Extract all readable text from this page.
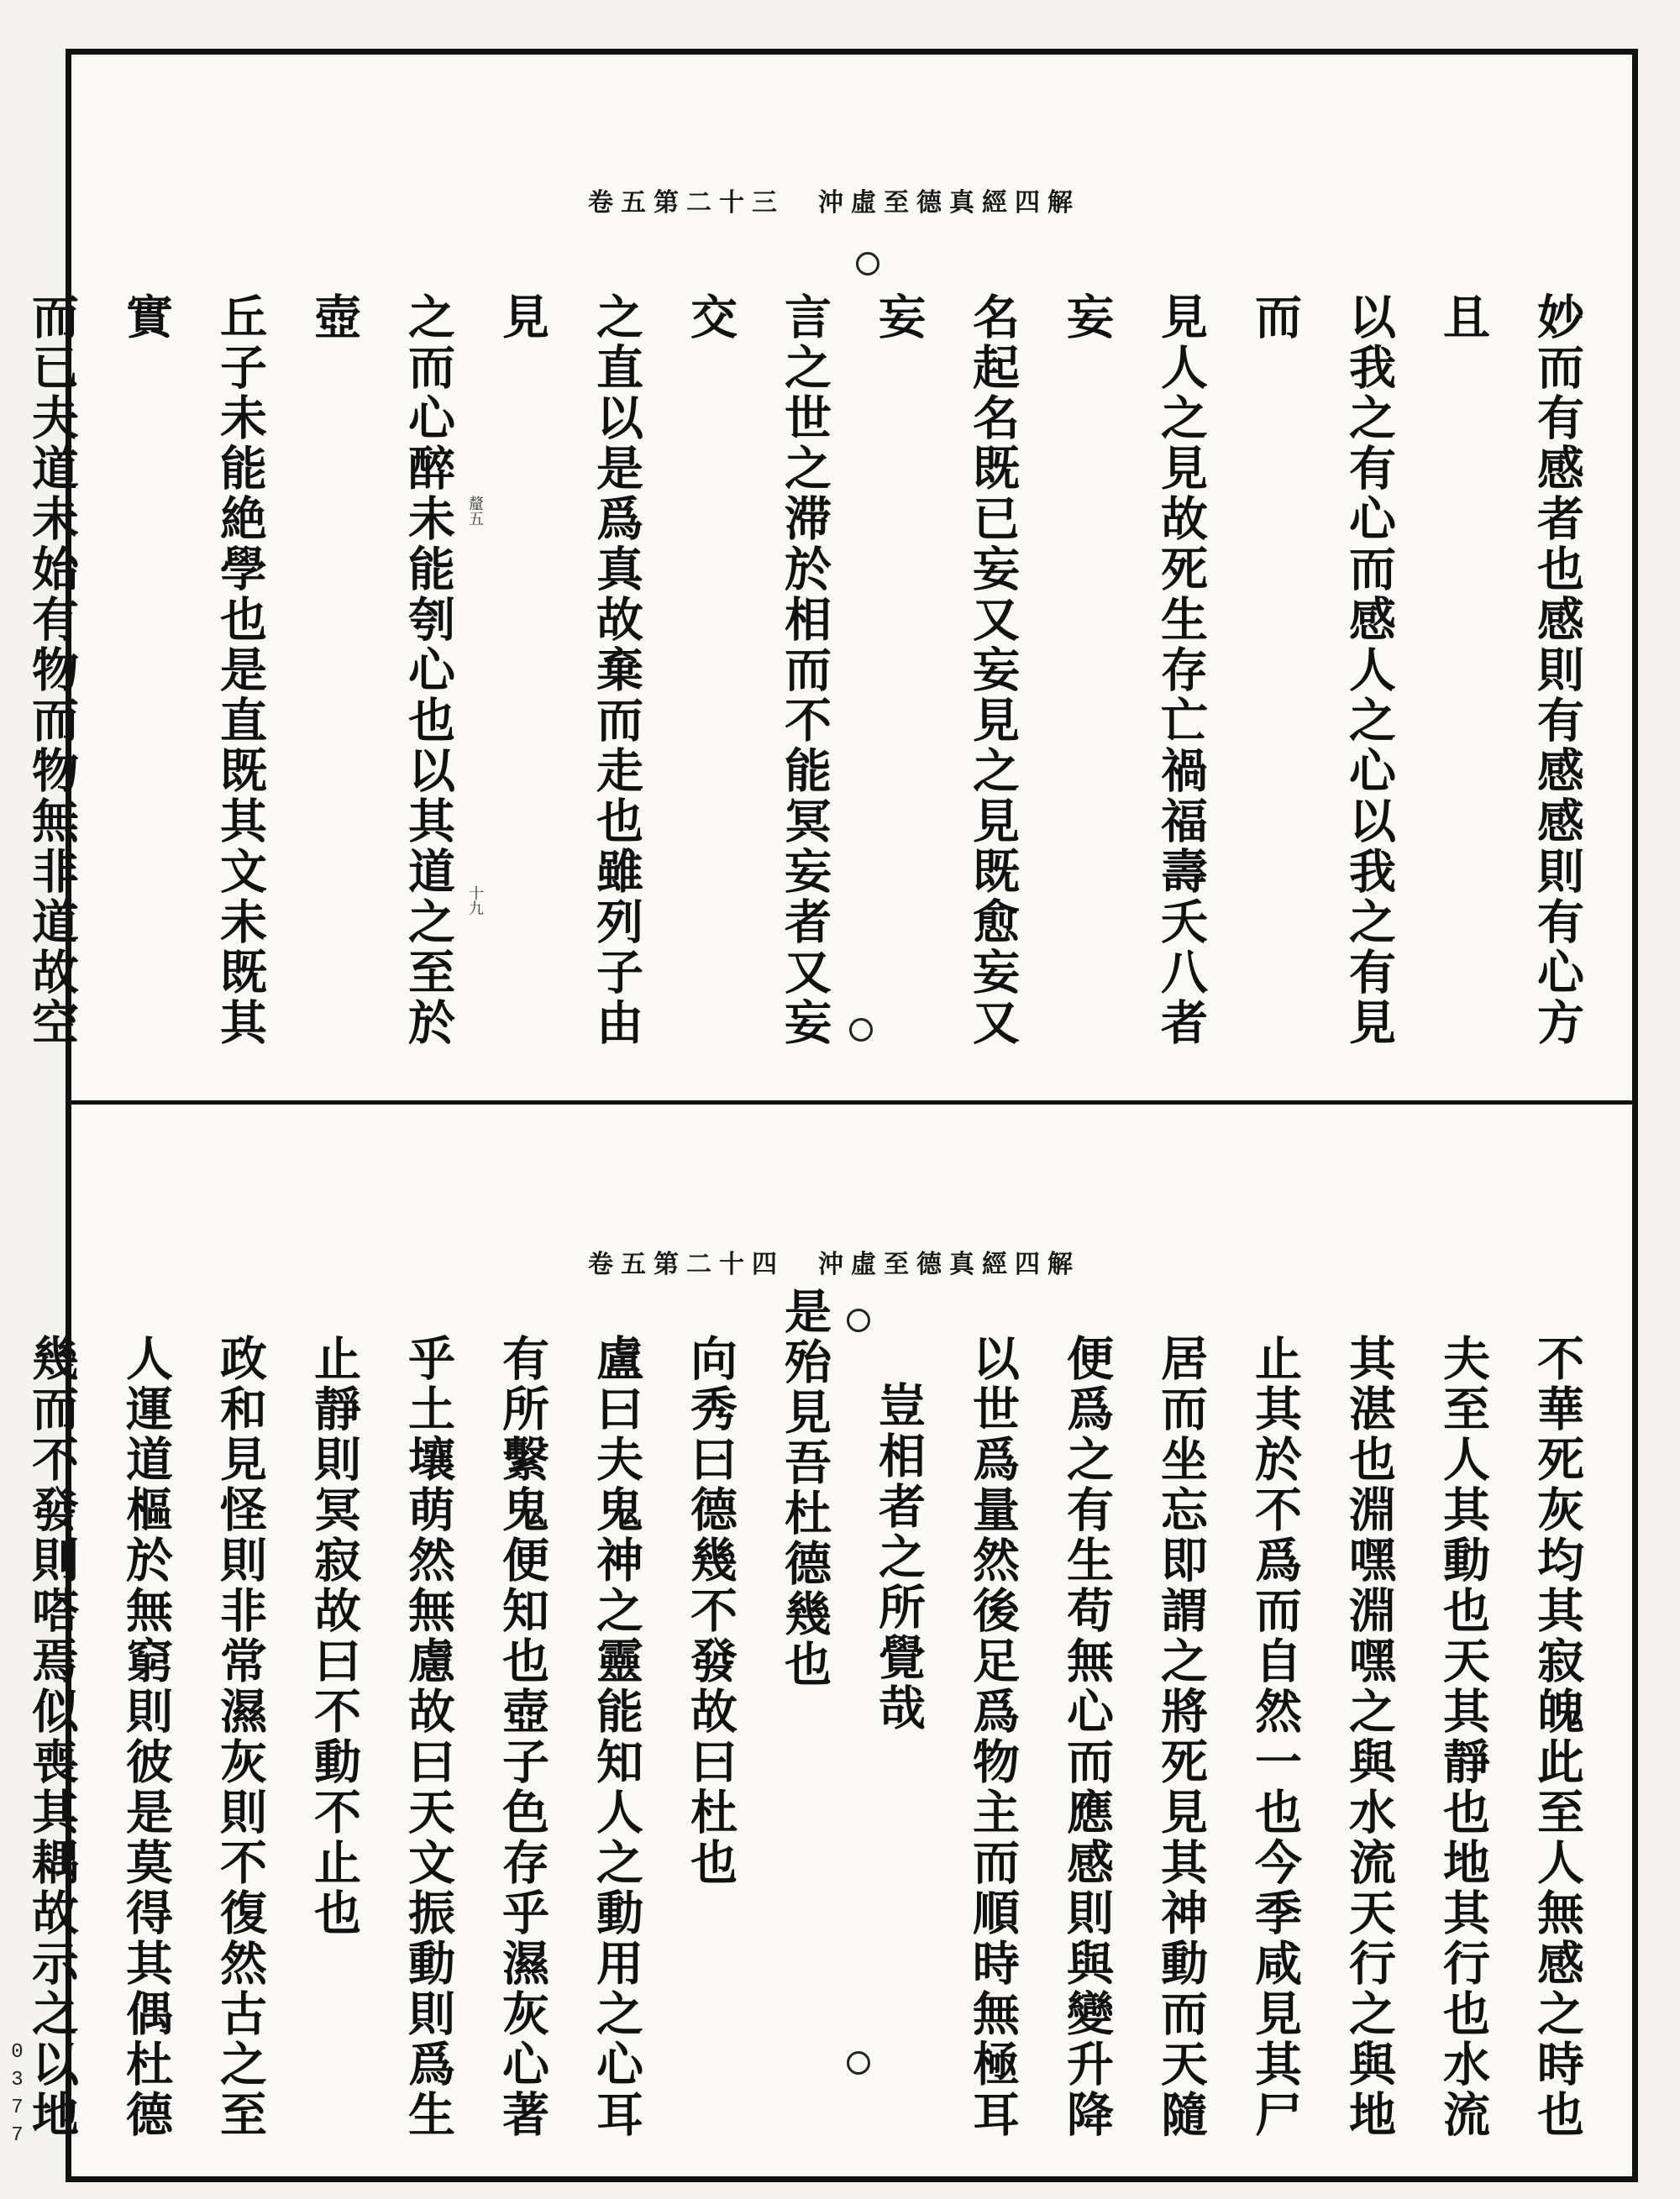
0377
卷五第二十三 沖虛至德真經四解
釐五
十九	妙而有感者也感則有感感則有心方且
以我之有心而感人之心以我之有見而
見人之見故死生存亡禍福壽夭八者妄
名起名既已妄又妄見之見既愈妄又妄
言之世之滞於相而不能冥妄者又妄交
之直以是爲真故棄而走也雖列子由見
之而心醉未能刳心也以其道之至於壺
丘子未能絶學也是直既其文未既其實
而已夫道未始有物而物無非道故空
卷五第二十四 沖虛至德真經四解
不華死灰均其寂魄此至人無感之時也
夫至人其動也天其靜也地其行也水流
其湛也淵嘿淵嘿之與水流天行之與地
止其於不爲而自然一也今季咸見其尸
居而坐忘即謂之將死見其神動而天隨
便爲之有生苟無心而應感則與變升降
以世爲量然後足爲物主而順時無極耳
豈相者之所覺哉
是殆見吾杜德幾也
向秀曰德幾不發故曰杜也
盧曰夫鬼神之靈能知人之動用之心耳
有所繫鬼便知也壺子色存乎濕灰心著
乎土壤萌然無慮故曰天文振動則爲生
止靜則冥寂故曰不動不止也
政和見怪則非常濕灰則不復然古之至
人運道樞於無窮則彼是莫得其偶杜德
幾而不發則嗒焉似喪其耦故示之以地
